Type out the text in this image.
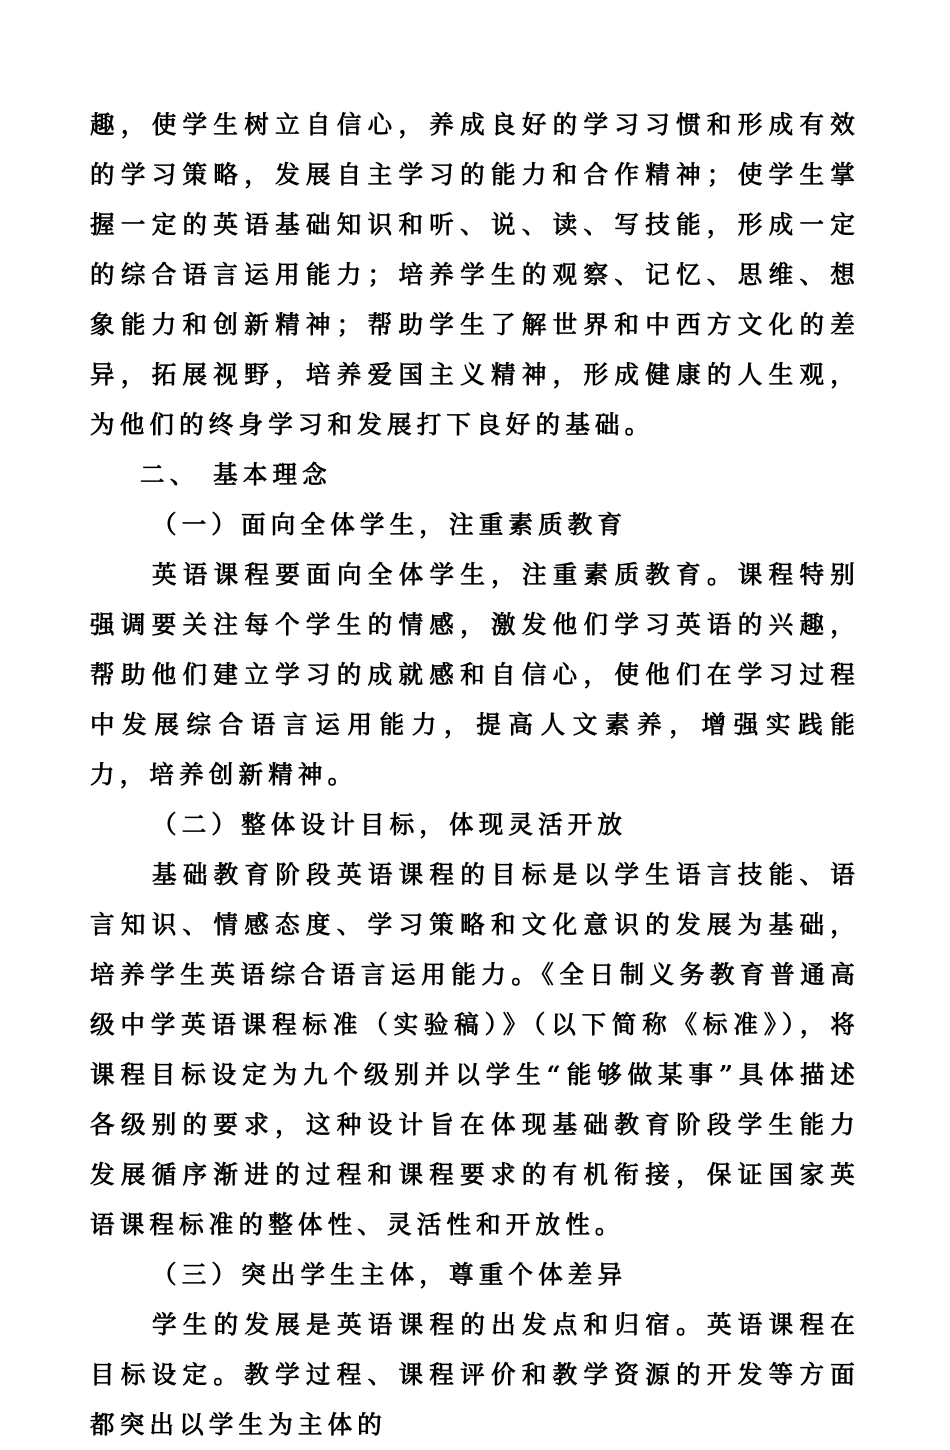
趣，使学生树立自信心，养成良好的学习习惯和形成有效的学习策略，发展自主学习的能力和合作精神；使学生掌握一定的英语基础知识和听、说、读、写技能，形成一定的综合语言运用能力；培养学生的观察、记忆、思维、想象能力和创新精神；帮助学生了解世界和中西方文化的差异，拓展视野，培养爱国主义精神，形成健康的人生观，为他们的终身学习和发展打下良好的基础。

二、 基本理念

（一）面向全体学生，注重素质教育

英语课程要面向全体学生，注重素质教育。课程特别强调要关注每个学生的情感，激发他们学习英语的兴趣，帮助他们建立学习的成就感和自信心，使他们在学习过程中发展综合语言运用能力，提高人文素养，增强实践能力，培养创新精神。

（二）整体设计目标，体现灵活开放

基础教育阶段英语课程的目标是以学生语言技能、语言知识、情感态度、学习策略和文化意识的发展为基础，培养学生英语综合语言运用能力。《全日制义务教育普通高级中学英语课程标准（实验稿）》（以下简称《标准》），将课程目标设定为九个级别并以学生“能够做某事”具体描述各级别的要求，这种设计旨在体现基础教育阶段学生能力发展循序渐进的过程和课程要求的有机衔接，保证国家英语课程标准的整体性、灵活性和开放性。

（三）突出学生主体，尊重个体差异

学生的发展是英语课程的出发点和归宿。英语课程在目标设定。教学过程、课程评价和教学资源的开发等方面都突出以学生为主体的
